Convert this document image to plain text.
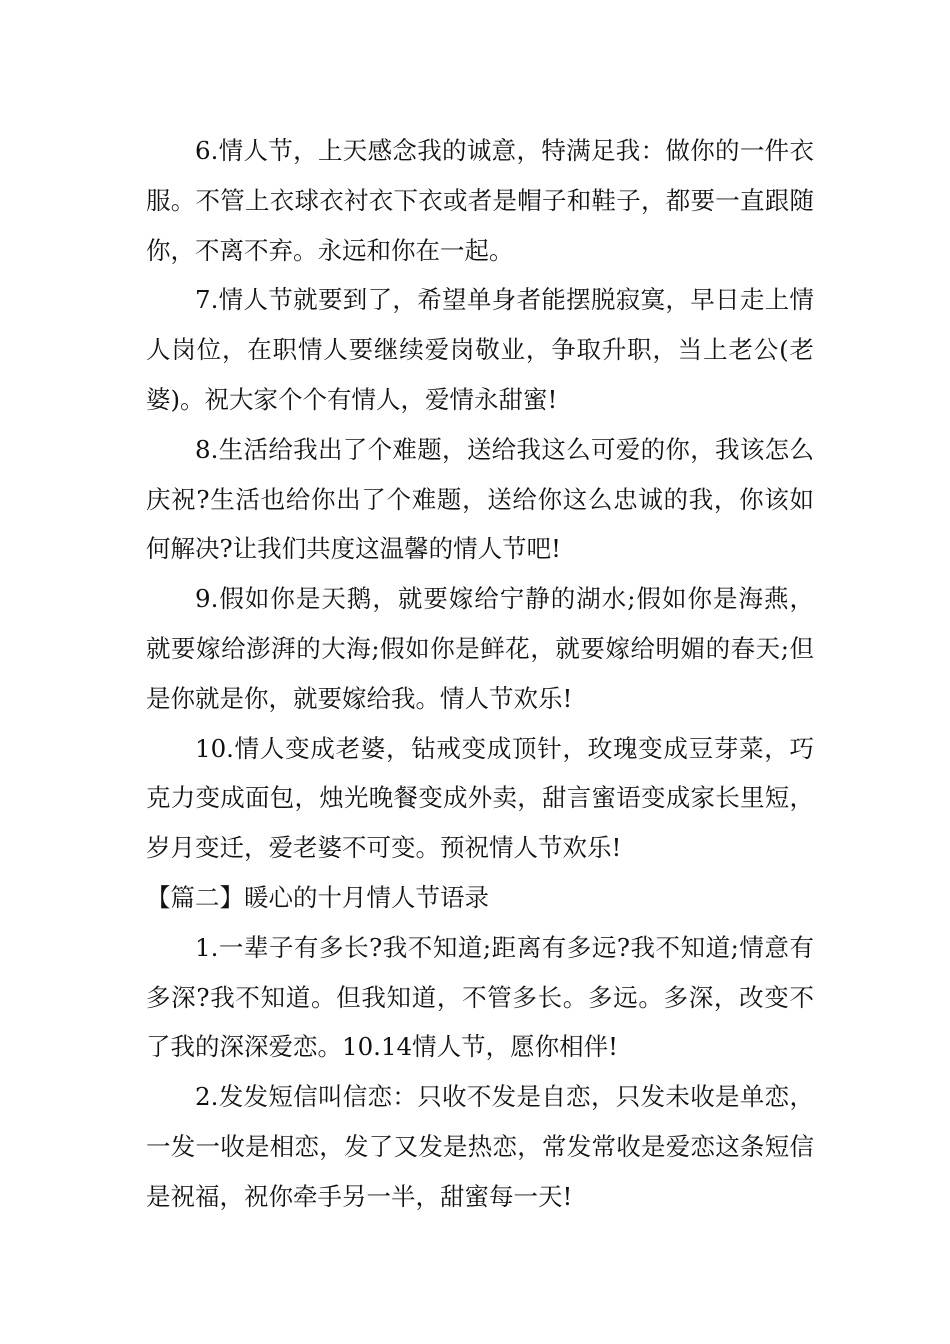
6.情人节，上天感念我的诚意，特满足我：做你的一件衣服。不管上衣球衣衬衣下衣或者是帽子和鞋子，都要一直跟随你，不离不弃。永远和你在一起。

7.情人节就要到了，希望单身者能摆脱寂寞，早日走上情人岗位，在职情人要继续爱岗敬业，争取升职，当上老公(老婆)。祝大家个个有情人，爱情永甜蜜!

8.生活给我出了个难题，送给我这么可爱的你，我该怎么庆祝?生活也给你出了个难题，送给你这么忠诚的我，你该如何解决?让我们共度这温馨的情人节吧!

9.假如你是天鹅，就要嫁给宁静的湖水;假如你是海燕，就要嫁给澎湃的大海;假如你是鲜花，就要嫁给明媚的春天;但是你就是你，就要嫁给我。情人节欢乐!

10.情人变成老婆，钻戒变成顶针，玫瑰变成豆芽菜，巧克力变成面包，烛光晚餐变成外卖，甜言蜜语变成家长里短，岁月变迁，爱老婆不可变。预祝情人节欢乐!

【篇二】暖心的十月情人节语录

1.一辈子有多长?我不知道;距离有多远?我不知道;情意有多深?我不知道。但我知道，不管多长。多远。多深，改变不了我的深深爱恋。10.14情人节，愿你相伴!

2.发发短信叫信恋：只收不发是自恋，只发未收是单恋，一发一收是相恋，发了又发是热恋，常发常收是爱恋这条短信是祝福，祝你牵手另一半，甜蜜每一天!
